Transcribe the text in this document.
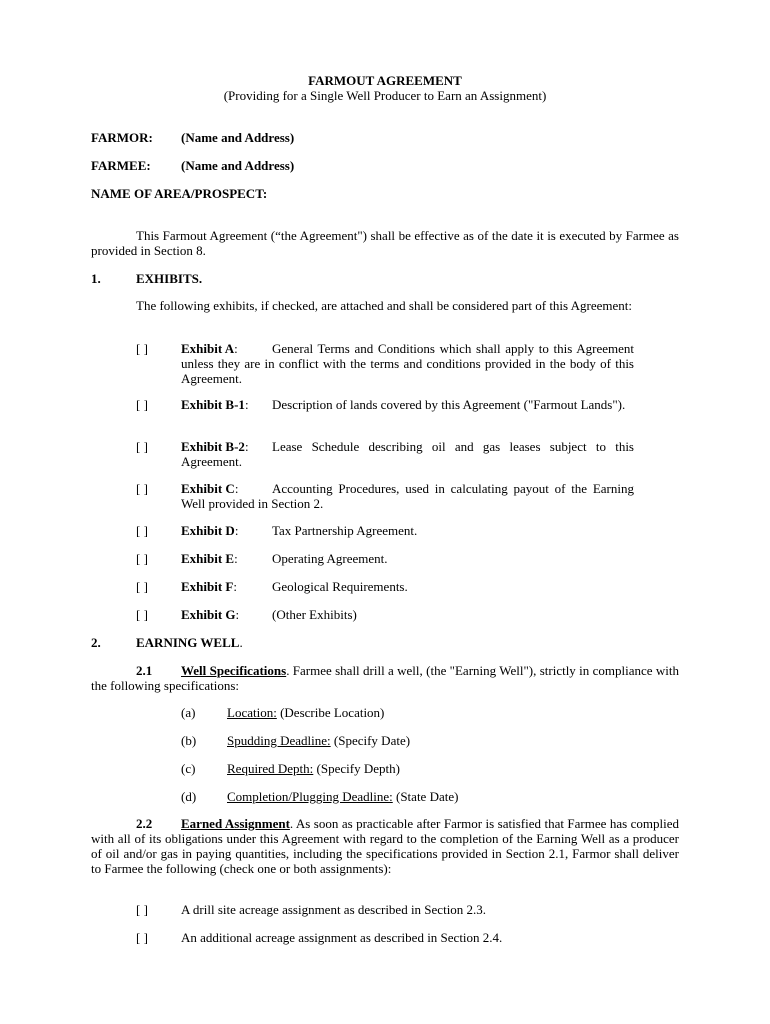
FARMOUT AGREEMENT
(Providing for a Single Well Producer to Earn an Assignment)
FARMOR: (Name and Address)
FARMEE: (Name and Address)
NAME OF AREA/PROSPECT:
This Farmout Agreement (“the Agreement") shall be effective as of the date it is executed by Farmee as provided in Section 8.
1.	EXHIBITS.
The following exhibits, if checked, are attached and shall be considered part of this Agreement:
[ ]	Exhibit A:	General Terms and Conditions which shall apply to this Agreement unless they are in conflict with the terms and conditions provided in the body of this Agreement.
[ ]	Exhibit B-1:	Description of lands covered by this Agreement ("Farmout Lands").
[ ]	Exhibit B-2:	Lease Schedule describing oil and gas leases subject to this Agreement.
[ ]	Exhibit C:	Accounting Procedures, used in calculating payout of the Earning Well provided in Section 2.
[ ]	Exhibit D:	Tax Partnership Agreement.
[ ]	Exhibit E:	Operating Agreement.
[ ]	Exhibit F:	Geological Requirements.
[ ]	Exhibit G:	(Other Exhibits)
2.	EARNING WELL.
2.1 Well Specifications. Farmee shall drill a well, (the "Earning Well"), strictly in compliance with the following specifications:
(a) Location: (Describe Location)
(b) Spudding Deadline: (Specify Date)
(c) Required Depth: (Specify Depth)
(d) Completion/Plugging Deadline: (State Date)
2.2 Earned Assignment. As soon as practicable after Farmor is satisfied that Farmee has complied with all of its obligations under this Agreement with regard to the completion of the Earning Well as a producer of oil and/or gas in paying quantities, including the specifications provided in Section 2.1, Farmor shall deliver to Farmee the following (check one or both assignments):
[ ]	A drill site acreage assignment as described in Section 2.3.
[ ]	An additional acreage assignment as described in Section 2.4.
